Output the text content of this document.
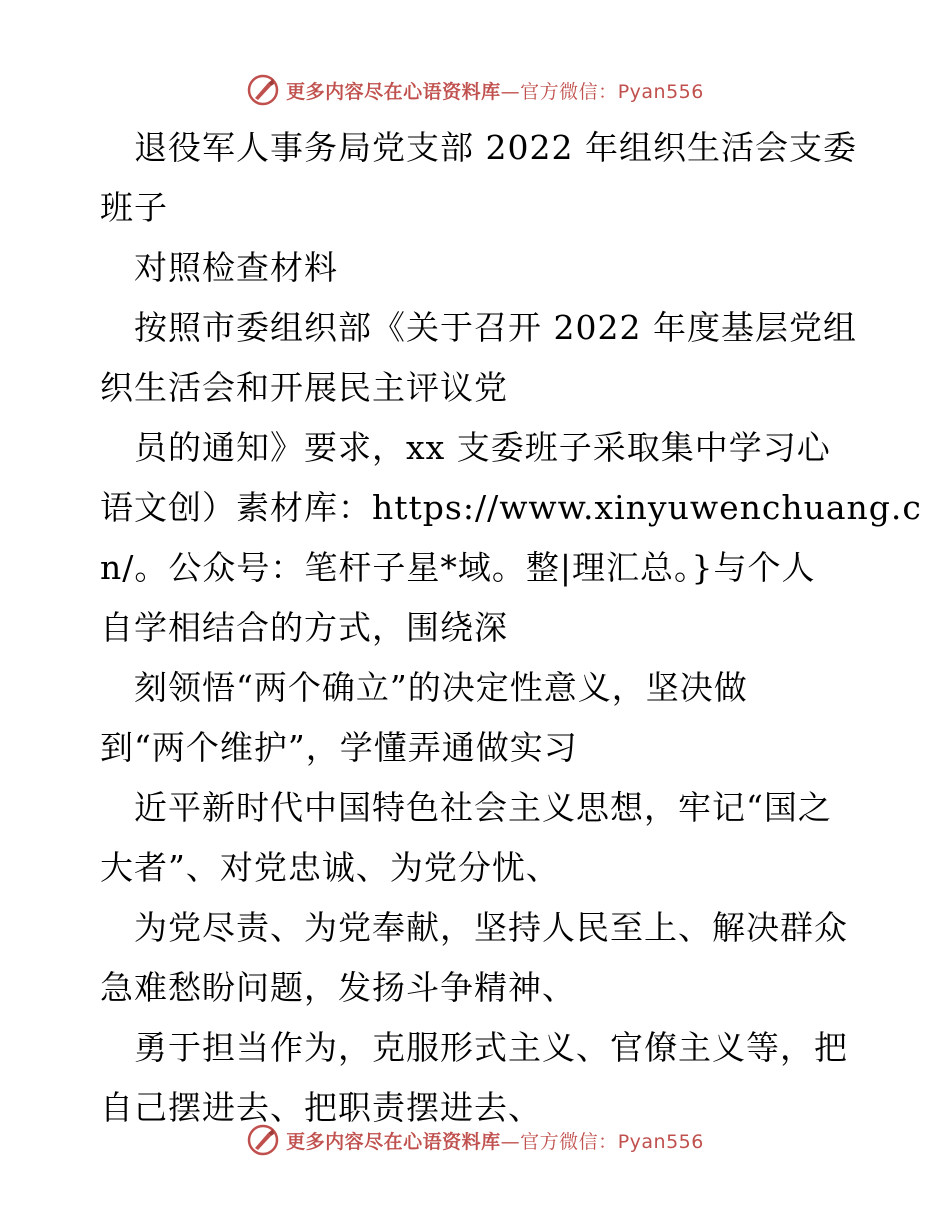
更多内容尽在心语资料库—官方微信：Pyan556
退役军人事务局党支部 2022 年组织生活会支委
班子
对照检查材料
按照市委组织部《关于召开 2022 年度基层党组
织生活会和开展民主评议党
员的通知》要求，xx 支委班子采取集中学习心
语文创）素材库：https://www.xinyuwenchuang.c
n/。公众号：笔杆子星*域。整|理汇总。}与个人
自学相结合的方式，围绕深
刻领悟“两个确立”的决定性意义，坚决做
到“两个维护”，学懂弄通做实习
近平新时代中国特色社会主义思想，牢记“国之
大者”、对党忠诚、为党分忧、
为党尽责、为党奉献，坚持人民至上、解决群众
急难愁盼问题，发扬斗争精神、
勇于担当作为，克服形式主义、官僚主义等，把
自己摆进去、把职责摆进去、
更多内容尽在心语资料库—官方微信：Pyan556
